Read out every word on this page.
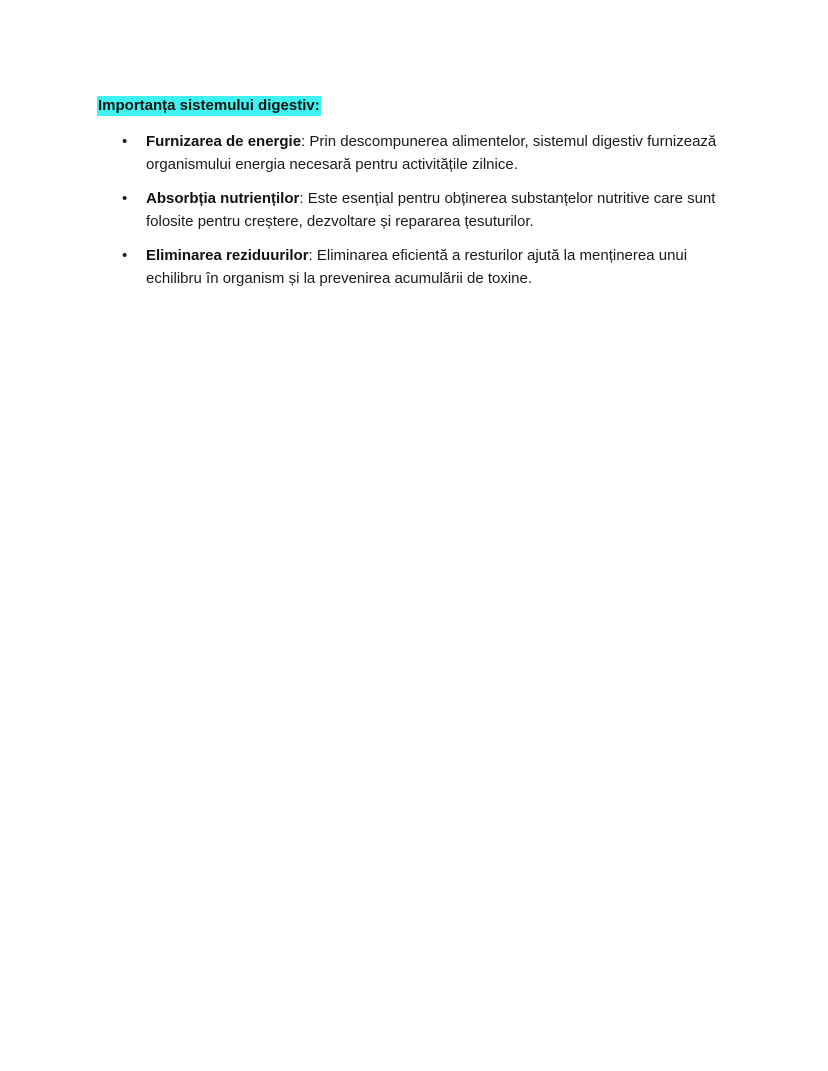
Importanța sistemului digestiv:
• Furnizarea de energie: Prin descompunerea alimentelor, sistemul digestiv furnizează organismului energia necesară pentru activitățile zilnice.
• Absorbția nutrienților: Este esențial pentru obținerea substanțelor nutritive care sunt folosite pentru creștere, dezvoltare și repararea țesuturilor.
• Eliminarea reziduurilor: Eliminarea eficientă a resturilor ajută la menținerea unui echilibru în organism și la prevenirea acumulării de toxine.
